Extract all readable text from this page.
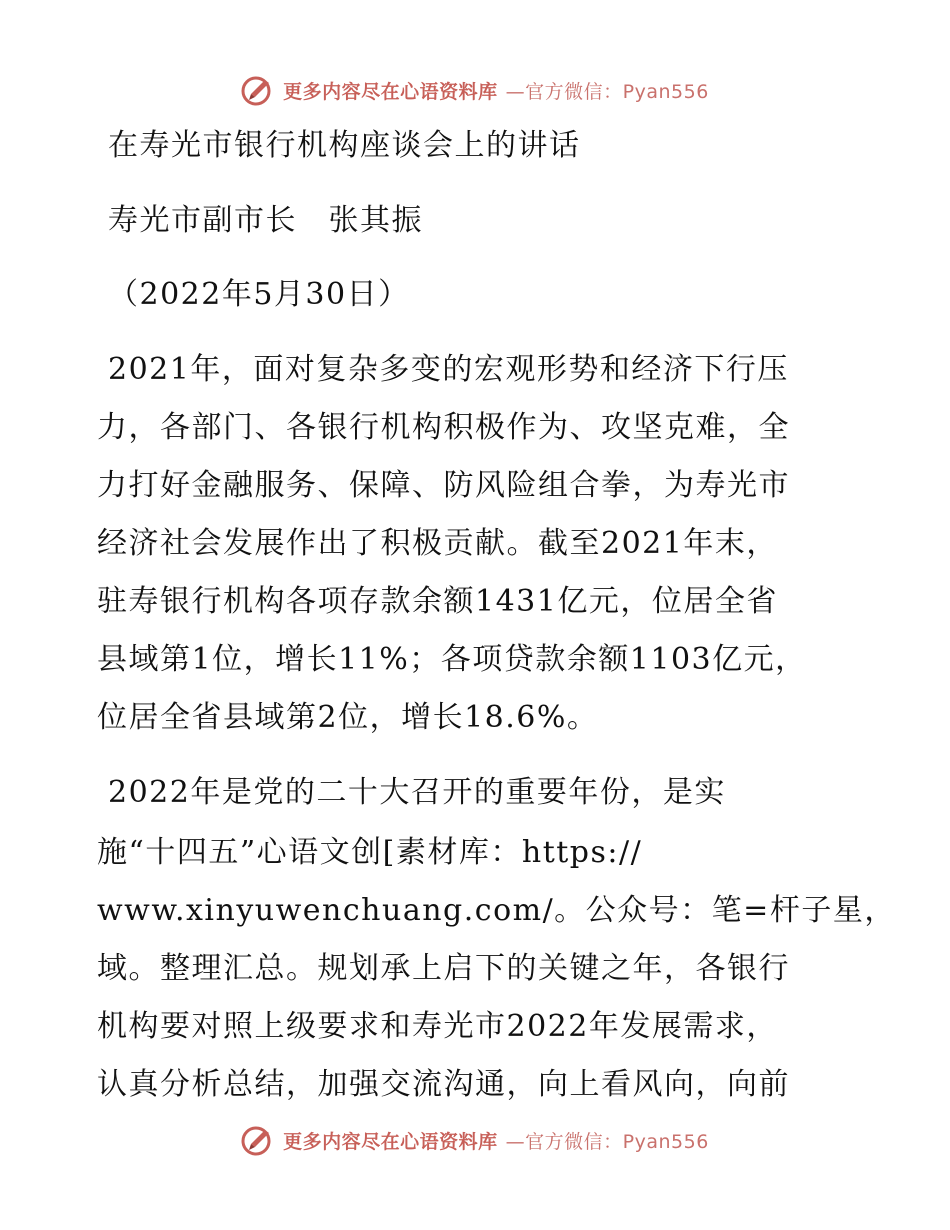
更多内容尽在心语资料库 —官方微信：Pyan556
在寿光市银行机构座谈会上的讲话
寿光市副市长　张其振
（2022年5月30日）
2021年，面对复杂多变的宏观形势和经济下行压
力，各部门、各银行机构积极作为、攻坚克难，全
力打好金融服务、保障、防风险组合拳，为寿光市
经济社会发展作出了积极贡献。截至2021年末，
驻寿银行机构各项存款余额1431亿元，位居全省
县域第1位，增长11%；各项贷款余额1103亿元，
位居全省县域第2位，增长18.6%。
2022年是党的二十大召开的重要年份，是实
施“十四五”心语文创[素材库：https://
www.xinyuwenchuang.com/。公众号：笔=杆子星，
域。整理汇总。规划承上启下的关键之年，各银行
机构要对照上级要求和寿光市2022年发展需求，
认真分析总结，加强交流沟通，向上看风向，向前
更多内容尽在心语资料库 —官方微信：Pyan556
